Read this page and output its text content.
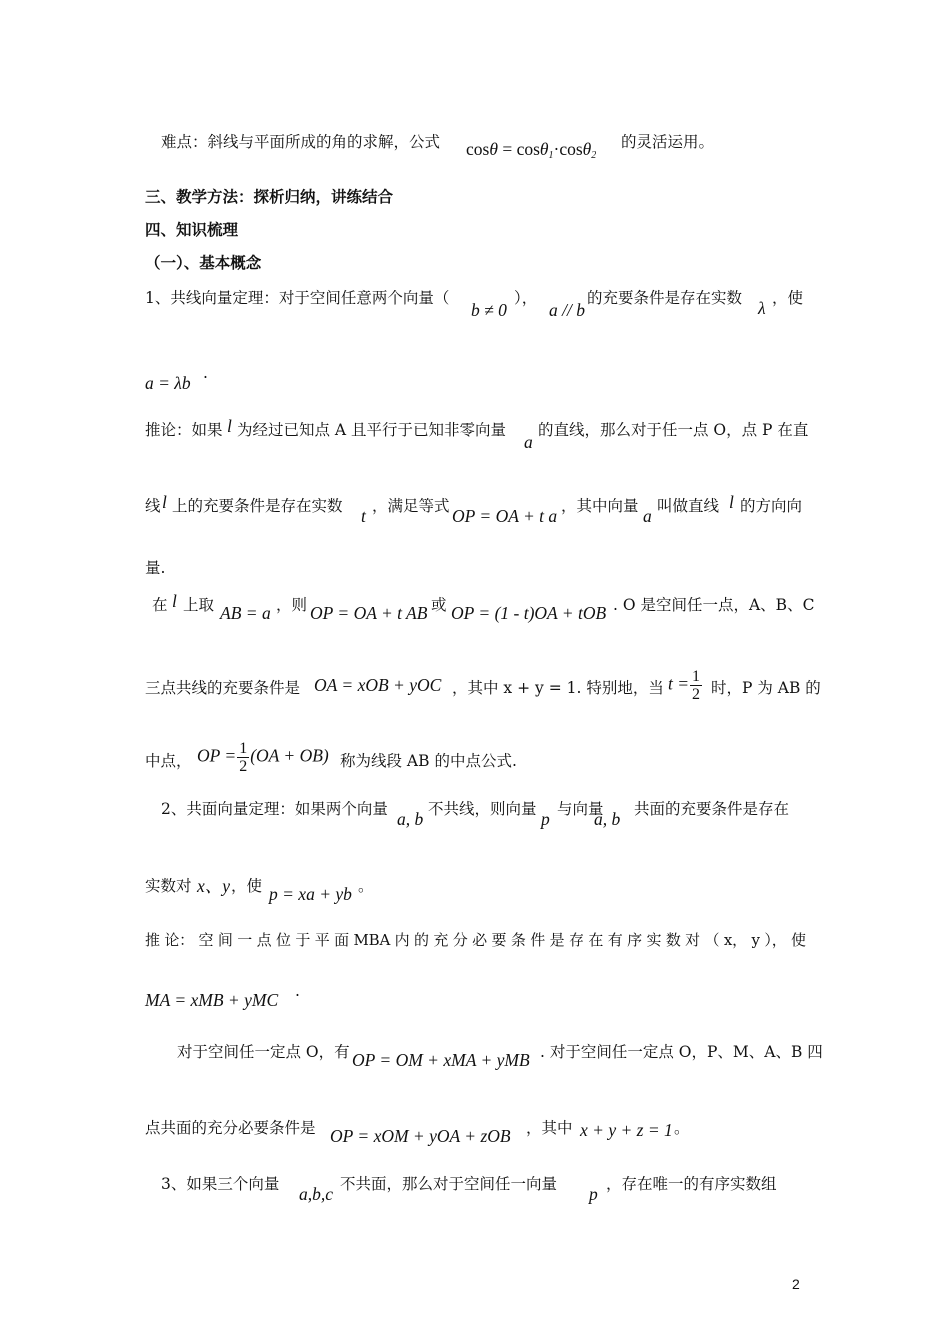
难点：斜线与平面所成的角的求解，公式 cosθ = cosθ$_1$·cosθ$_2$
的灵活运用。
三、教学方法：探析归纳，讲练结合
四、知识梳理
（一）、基本概念
1、共线向量定理：对于空间任意两个向量（
b ≠ 0
），
a // b
的充要条件是存在实数 λ ，使
a = λb .
推论：如果 l 为经过已知点 A 且平行于已知非零向量
a
的直线，那么对于任一点 O，点 P 在直
线 l 上的充要条件是存在实数 t ，满足等式 OP = OA + t a ，其中向量 a 叫做直线 l 的方向向
量.
在 l 上取 AB = a ，则 OP = OA + t AB 或 OP = (1 - t)OA + tOB . O 是空间任一点，A、B、C
三点共线的充要条件是 OA = xOB + yOC ，其中 x + y = 1. 特别地，当 $t = \frac{1}{2}$ 时，P 为 AB 的
中点， OP = $\frac{1}{2} (OA + OB)$ 称为线段 AB 的中点公式.
2、共面向量定理：如果两个向量 a, b 不共线，则向量 p 与向量
a, b 共面的充要条件是存在
实数对 x、y ，使 p = xa + yb 。
推 论： 空 间 一 点 位 于 平 面 MBA 内 的 充 分 必 要 条 件 是 存 在 有 序 实 数 对 （ x， y ）， 使
MA = xMB + yMC .
对于空间任一定点 O，有 OP = OM + xMA + yMB . 对于空间任一定点 O，P、M、A、B 四
点共面的充分必要条件是 OP = xOM + yOA + zOB ，其中 x + y + z = 1 。
3、如果三个向量 a,b,c 不共面，那么对于空间任一向量 p ，存在唯一的有序实数组
2
